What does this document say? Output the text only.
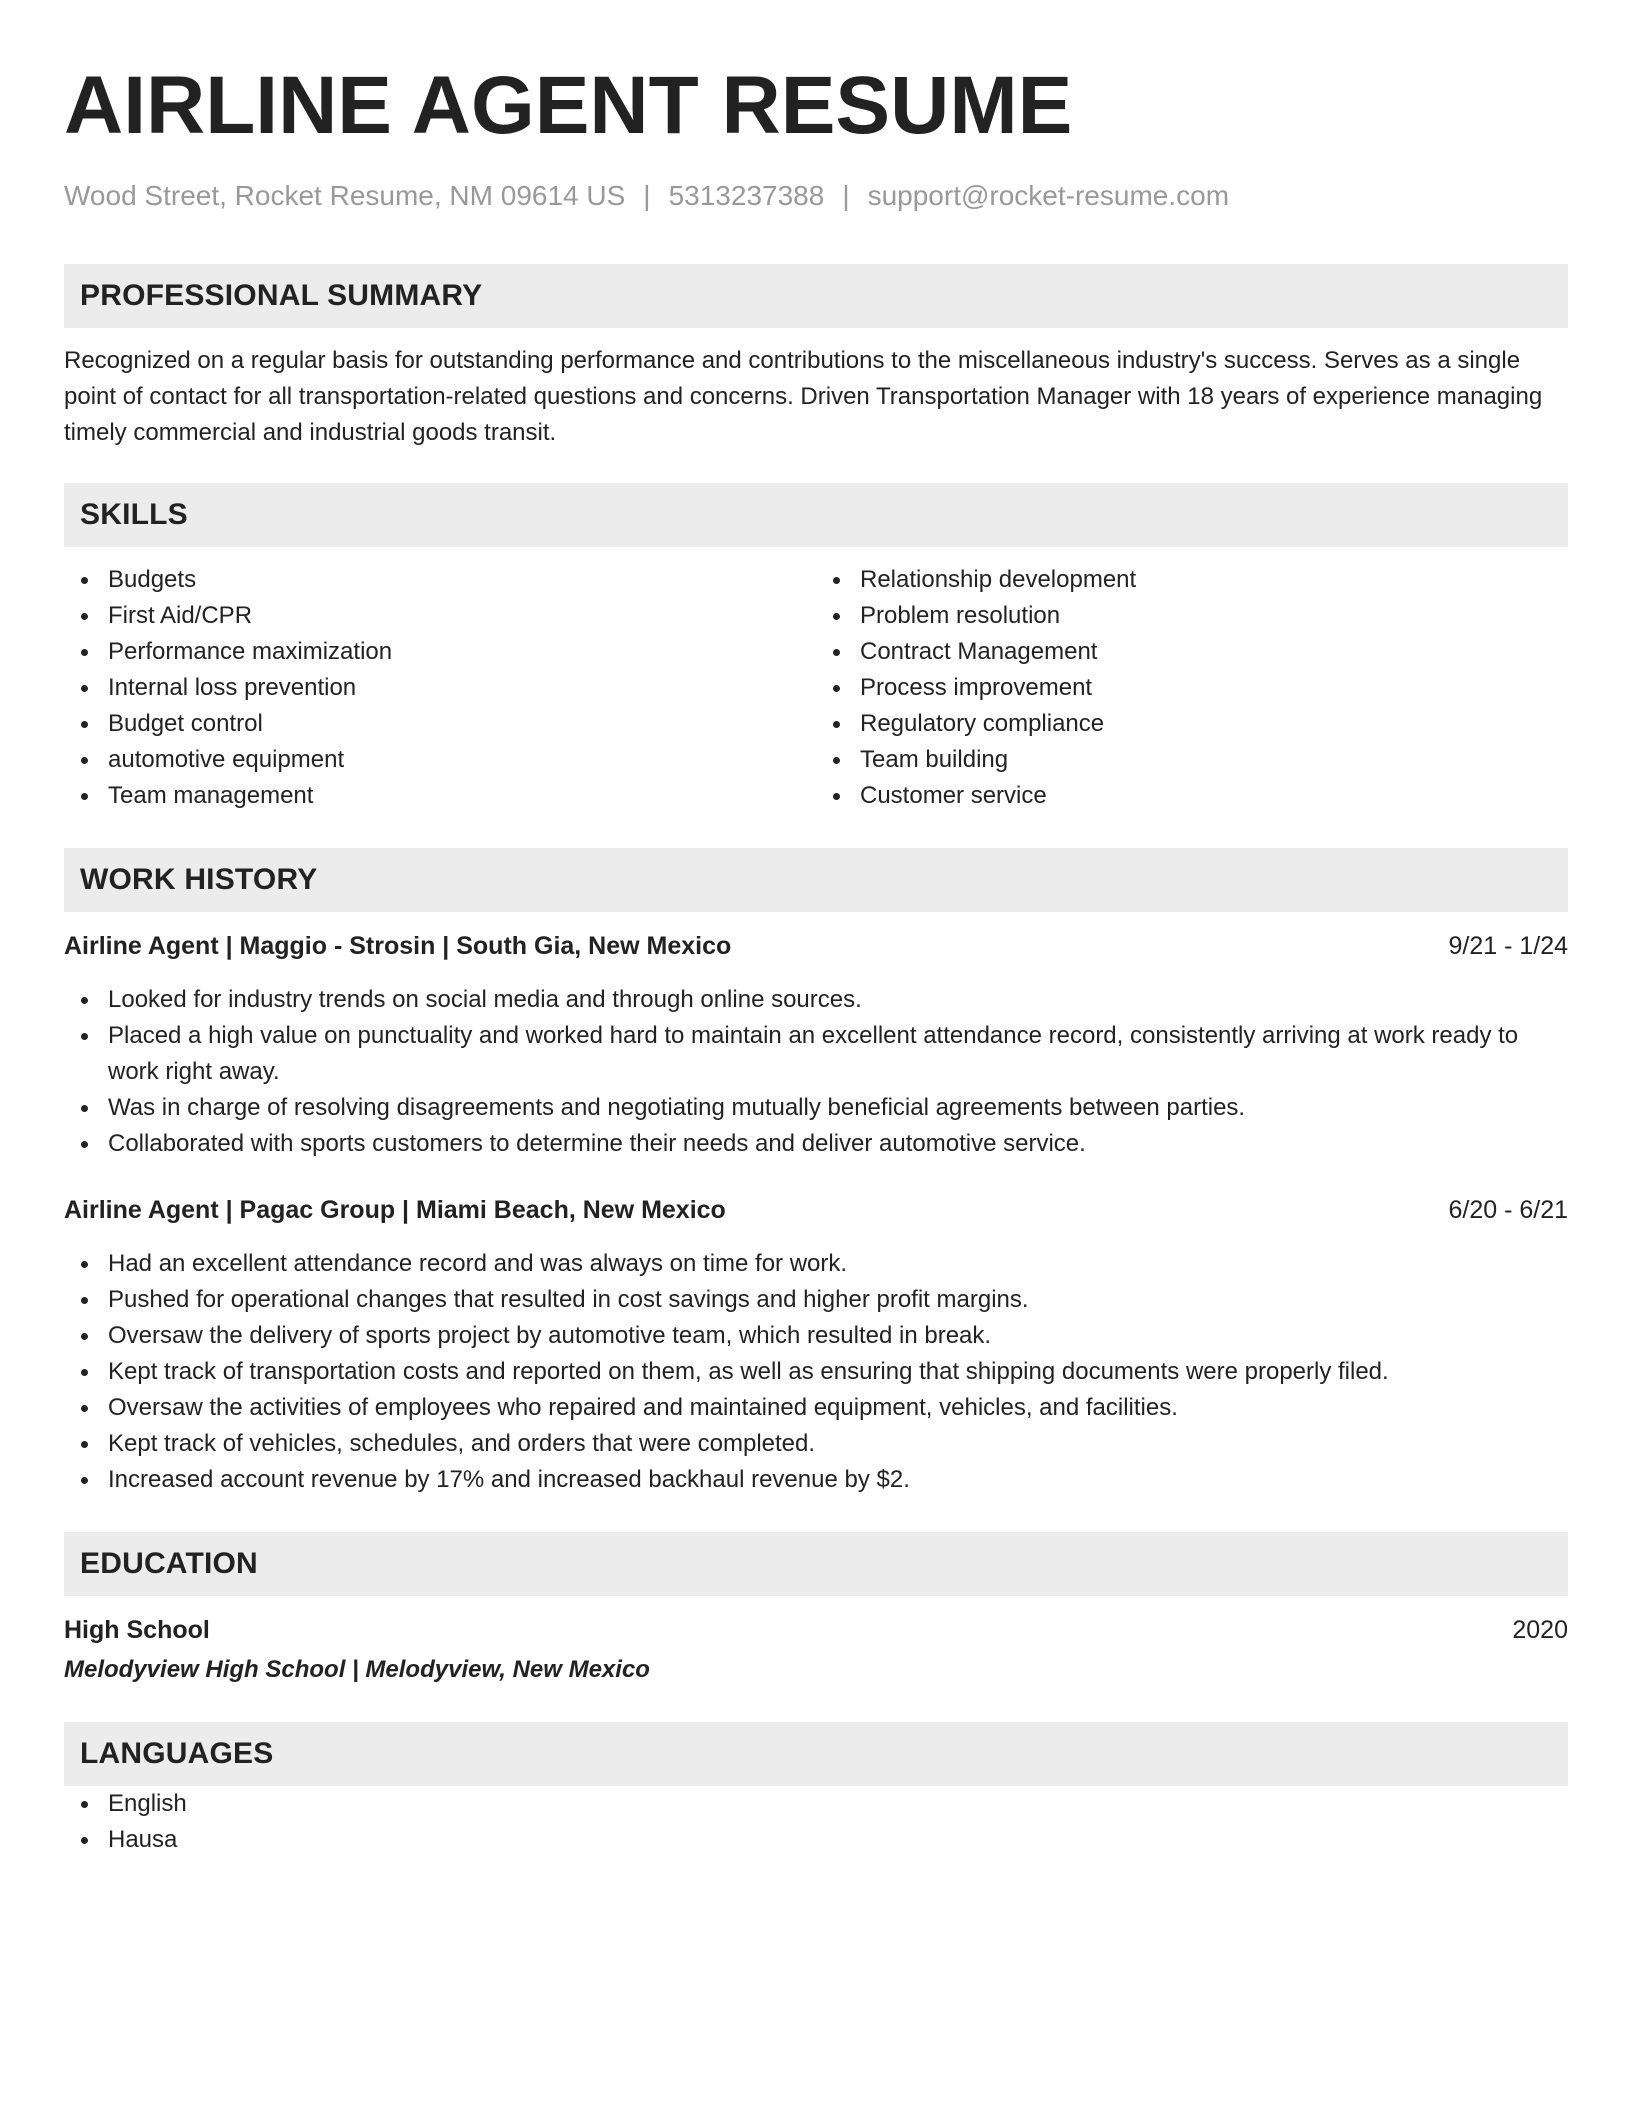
AIRLINE AGENT RESUME
Wood Street, Rocket Resume, NM 09614 US | 5313237388 | support@rocket-resume.com
PROFESSIONAL SUMMARY
Recognized on a regular basis for outstanding performance and contributions to the miscellaneous industry's success. Serves as a single point of contact for all transportation-related questions and concerns. Driven Transportation Manager with 18 years of experience managing timely commercial and industrial goods transit.
SKILLS
Budgets
First Aid/CPR
Performance maximization
Internal loss prevention
Budget control
automotive equipment
Team management
Relationship development
Problem resolution
Contract Management
Process improvement
Regulatory compliance
Team building
Customer service
WORK HISTORY
Airline Agent | Maggio - Strosin | South Gia, New Mexico	9/21 - 1/24
Looked for industry trends on social media and through online sources.
Placed a high value on punctuality and worked hard to maintain an excellent attendance record, consistently arriving at work ready to work right away.
Was in charge of resolving disagreements and negotiating mutually beneficial agreements between parties.
Collaborated with sports customers to determine their needs and deliver automotive service.
Airline Agent | Pagac Group | Miami Beach, New Mexico	6/20 - 6/21
Had an excellent attendance record and was always on time for work.
Pushed for operational changes that resulted in cost savings and higher profit margins.
Oversaw the delivery of sports project by automotive team, which resulted in break.
Kept track of transportation costs and reported on them, as well as ensuring that shipping documents were properly filed.
Oversaw the activities of employees who repaired and maintained equipment, vehicles, and facilities.
Kept track of vehicles, schedules, and orders that were completed.
Increased account revenue by 17% and increased backhaul revenue by $2.
EDUCATION
High School	2020
Melodyview High School | Melodyview, New Mexico
LANGUAGES
English
Hausa
